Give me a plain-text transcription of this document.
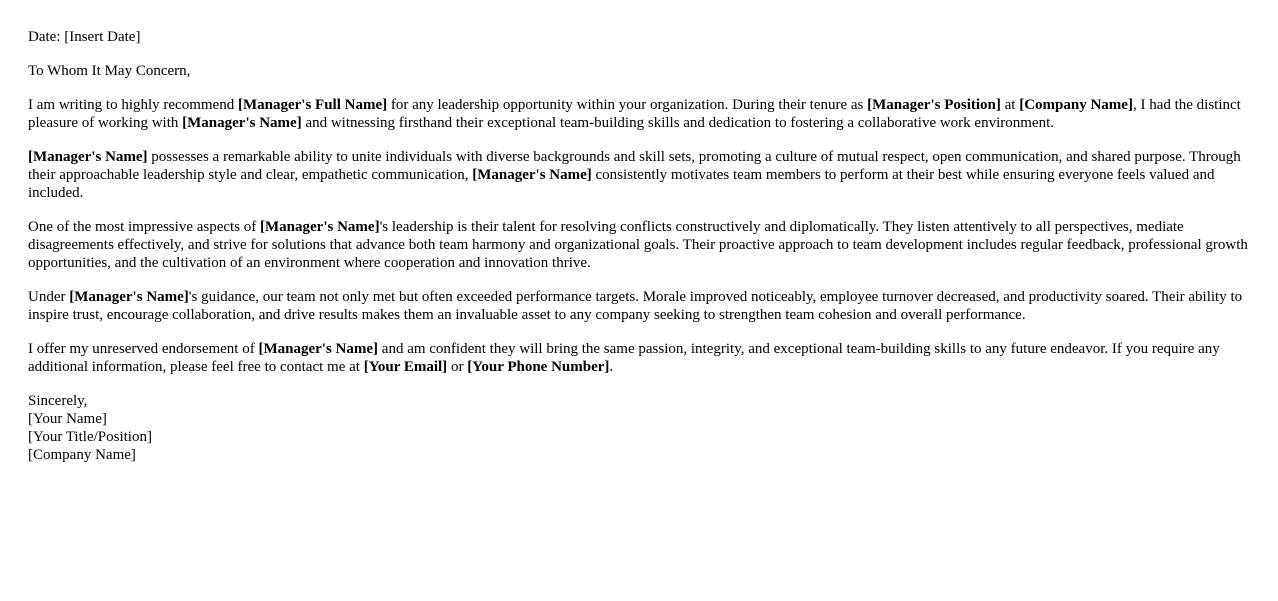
Date: [Insert Date]

To Whom It May Concern,

I am writing to highly recommend [Manager's Full Name] for any leadership opportunity within your organization. During their tenure as [Manager's Position] at [Company Name], I had the distinct pleasure of working with [Manager's Name] and witnessing firsthand their exceptional team-building skills and dedication to fostering a collaborative work environment.

[Manager's Name] possesses a remarkable ability to unite individuals with diverse backgrounds and skill sets, promoting a culture of mutual respect, open communication, and shared purpose. Through their approachable leadership style and clear, empathetic communication, [Manager's Name] consistently motivates team members to perform at their best while ensuring everyone feels valued and included.

One of the most impressive aspects of [Manager's Name]'s leadership is their talent for resolving conflicts constructively and diplomatically. They listen attentively to all perspectives, mediate disagreements effectively, and strive for solutions that advance both team harmony and organizational goals. Their proactive approach to team development includes regular feedback, professional growth opportunities, and the cultivation of an environment where cooperation and innovation thrive.

Under [Manager's Name]'s guidance, our team not only met but often exceeded performance targets. Morale improved noticeably, employee turnover decreased, and productivity soared. Their ability to inspire trust, encourage collaboration, and drive results makes them an invaluable asset to any company seeking to strengthen team cohesion and overall performance.

I offer my unreserved endorsement of [Manager's Name] and am confident they will bring the same passion, integrity, and exceptional team-building skills to any future endeavor. If you require any additional information, please feel free to contact me at [Your Email] or [Your Phone Number].

Sincerely,
[Your Name]
[Your Title/Position]
[Company Name]
